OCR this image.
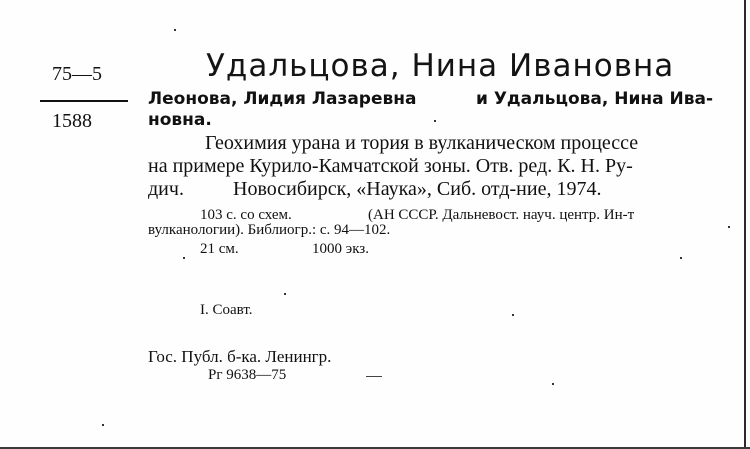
75—5
1588
Удальцова, Нина Ивановна
Леонова, Лидия Лазаревна	и Удальцова, Нина Ива-
новна.
Геохимия урана и тория в вулканическом процессе
на примере Курило-Камчатской зоны. Отв. ред. К. Н. Ру-
дич. Новосибирск, «Наука», Сиб. отд-ние, 1974.
103 с. со схем.	(АН СССР. Дальневост. науч. центр. Ин-т
вулканологии). Библиогр.: с. 94—102.
21 см.	1000 экз.
I. Соавт.
Гос. Публ. б-ка. Ленингр.
Рг 9638—75
